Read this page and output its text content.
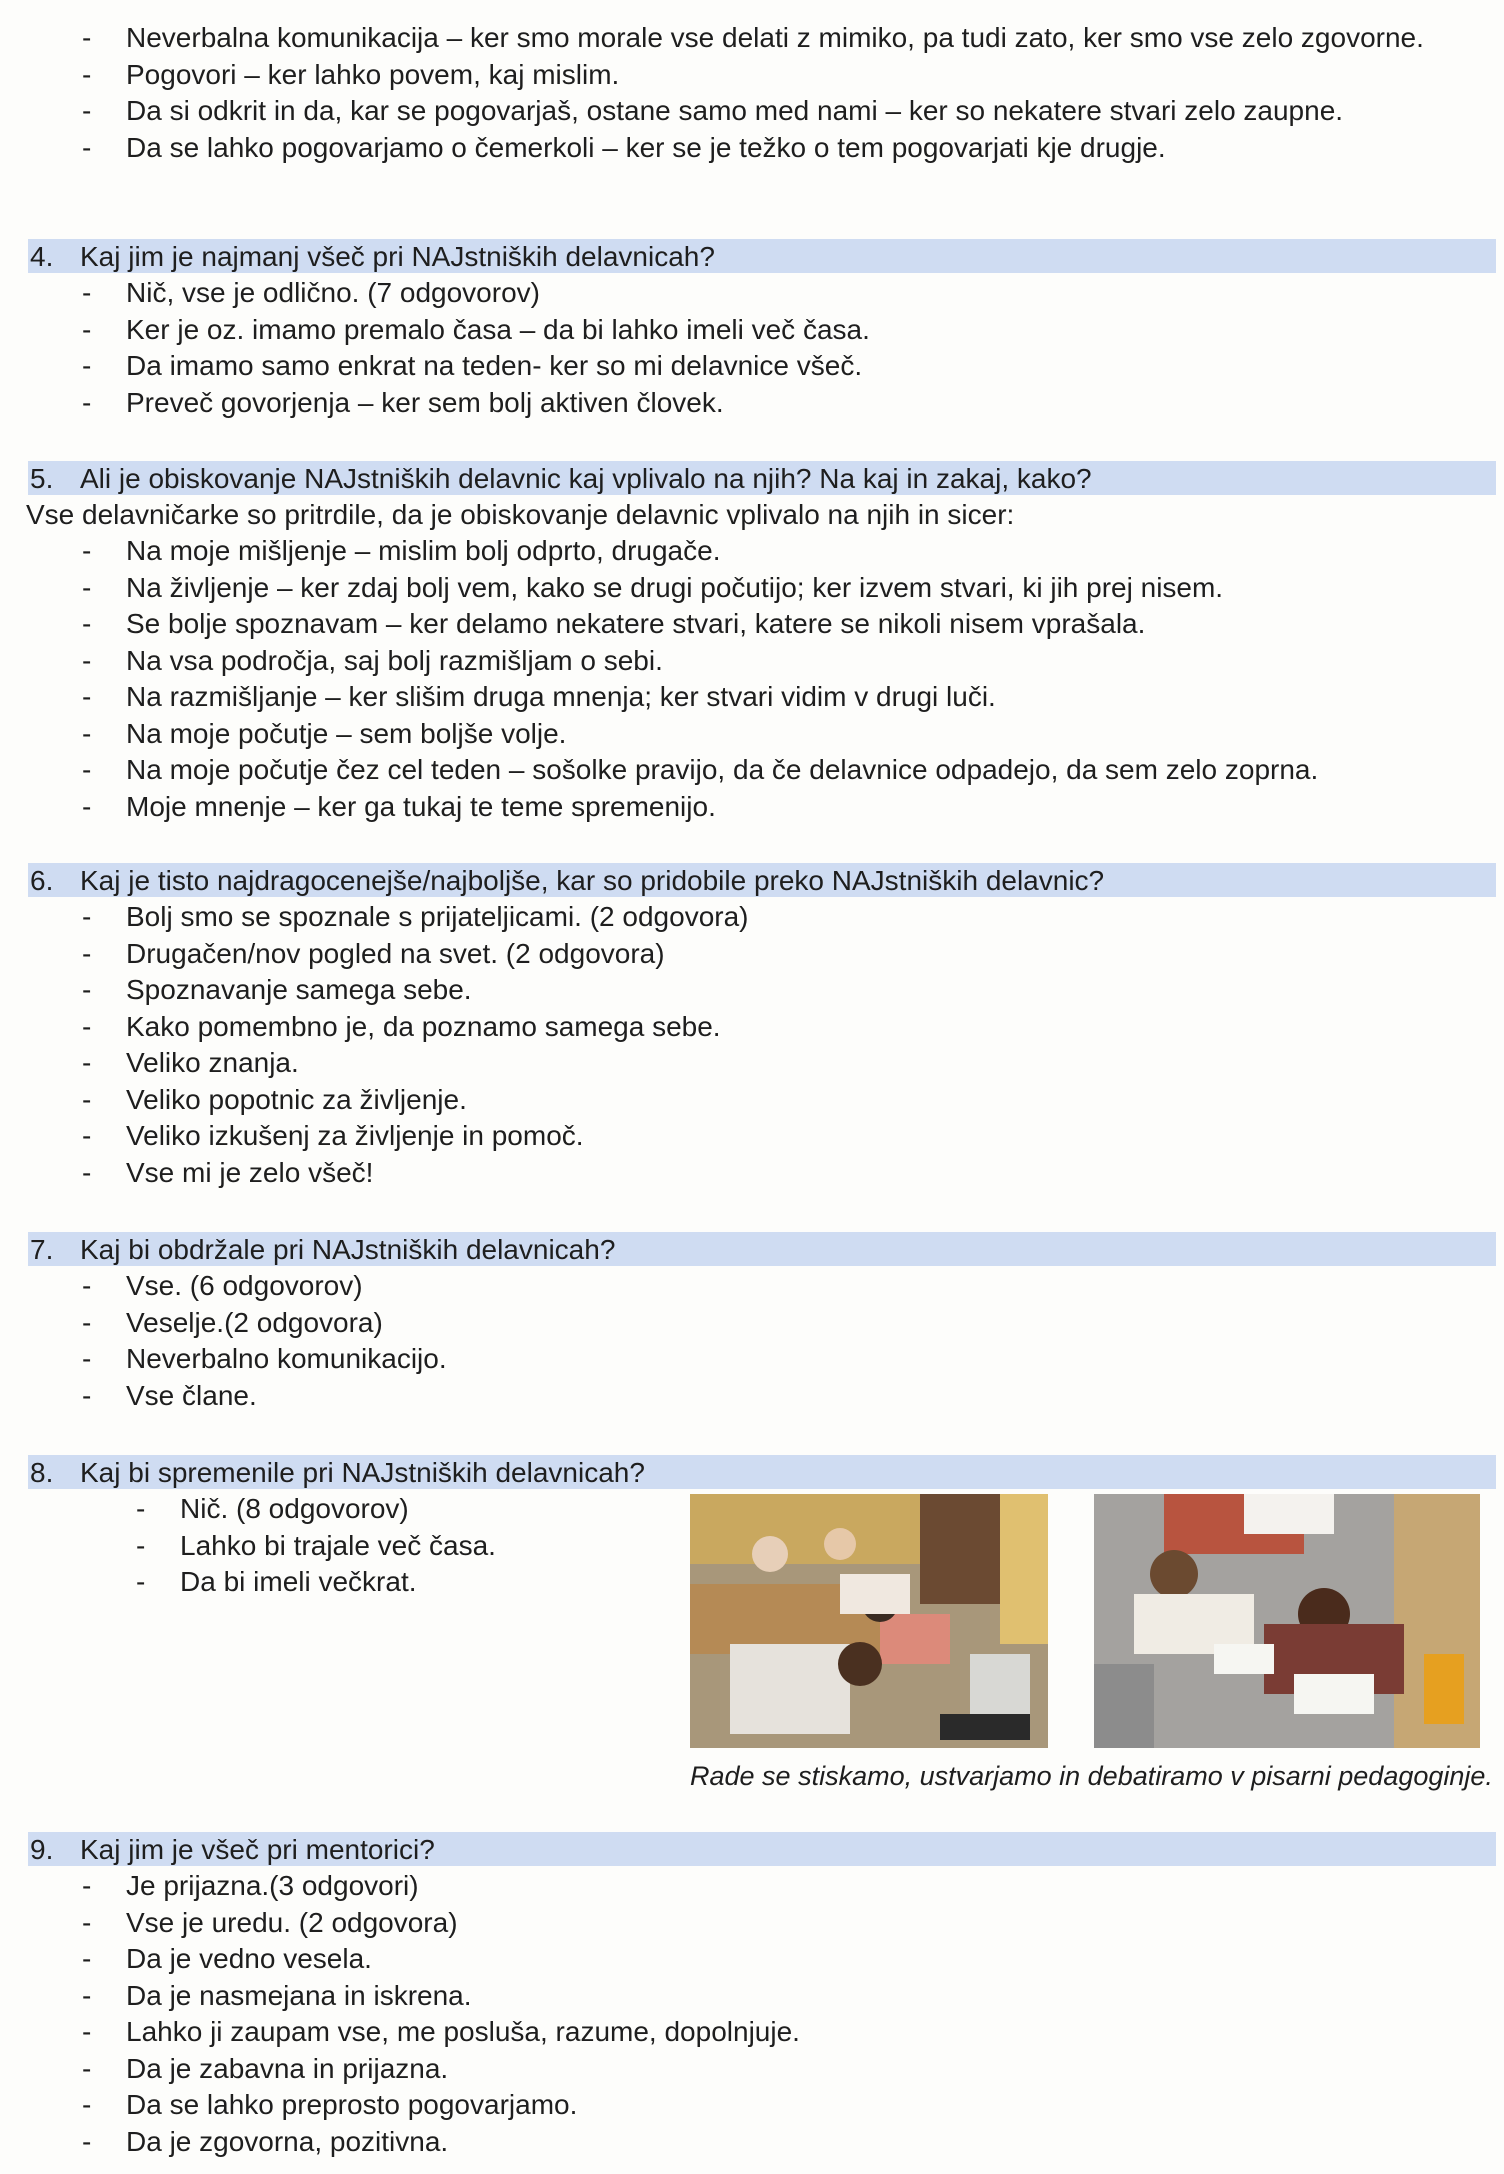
- Neverbalna komunikacija – ker smo morale vse delati z mimiko, pa tudi zato, ker smo vse zelo zgovorne.
- Pogovori – ker lahko povem, kaj mislim.
- Da si odkrit in da, kar se pogovarjaš, ostane samo med nami – ker so nekatere stvari zelo zaupne.
- Da se lahko pogovarjamo o čemerkoli – ker se je težko o tem pogovarjati kje drugje.
4. Kaj jim je najmanj všeč pri NAJstniških delavnicah?
- Nič, vse je odlično. (7 odgovorov)
- Ker je oz. imamo premalo časa – da bi lahko imeli več časa.
- Da imamo samo enkrat na teden- ker so mi delavnice všeč.
- Preveč govorjenja – ker sem bolj aktiven človek.
5. Ali je obiskovanje NAJstniških delavnic kaj vplivalo na njih? Na kaj in zakaj, kako?
Vse delavničarke so pritrdile, da je obiskovanje delavnic vplivalo na njih in sicer:
- Na moje mišljenje – mislim bolj odprto, drugače.
- Na življenje – ker zdaj bolj vem, kako se drugi počutijo; ker izvem stvari, ki jih prej nisem.
- Se bolje spoznavam – ker delamo nekatere stvari, katere se nikoli nisem vprašala.
- Na vsa področja, saj bolj razmišljam o sebi.
- Na razmišljanje – ker slišim druga mnenja; ker stvari vidim v drugi luči.
- Na moje počutje – sem boljše volje.
- Na moje počutje čez cel teden – sošolke pravijo, da če delavnice odpadejo, da sem zelo zoprna.
- Moje mnenje – ker ga tukaj te teme spremenijo.
6. Kaj je tisto najdragocenejše/najboljše, kar so pridobile preko NAJstniških delavnic?
- Bolj smo se spoznale s prijateljicami. (2 odgovora)
- Drugačen/nov pogled na svet. (2 odgovora)
- Spoznavanje samega sebe.
- Kako pomembno je, da poznamo samega sebe.
- Veliko znanja.
- Veliko popotnic za življenje.
- Veliko izkušenj za življenje in pomoč.
- Vse mi je zelo všeč!
7. Kaj bi obdržale pri NAJstniških delavnicah?
- Vse. (6 odgovorov)
- Veselje.(2 odgovora)
- Neverbalno komunikacijo.
- Vse člane.
8. Kaj bi spremenile pri NAJstniških delavnicah?
- Nič. (8 odgovorov)
- Lahko bi trajale več časa.
- Da bi imeli večkrat.
Rade se stiskamo, ustvarjamo in debatiramo v pisarni pedagoginje.
9. Kaj jim je všeč pri mentorici?
- Je prijazna.(3 odgovori)
- Vse je uredu. (2 odgovora)
- Da je vedno vesela.
- Da je nasmejana in iskrena.
- Lahko ji zaupam vse, me posluša, razume, dopolnjuje.
- Da je zabavna in prijazna.
- Da se lahko preprosto pogovarjamo.
- Da je zgovorna, pozitivna.
